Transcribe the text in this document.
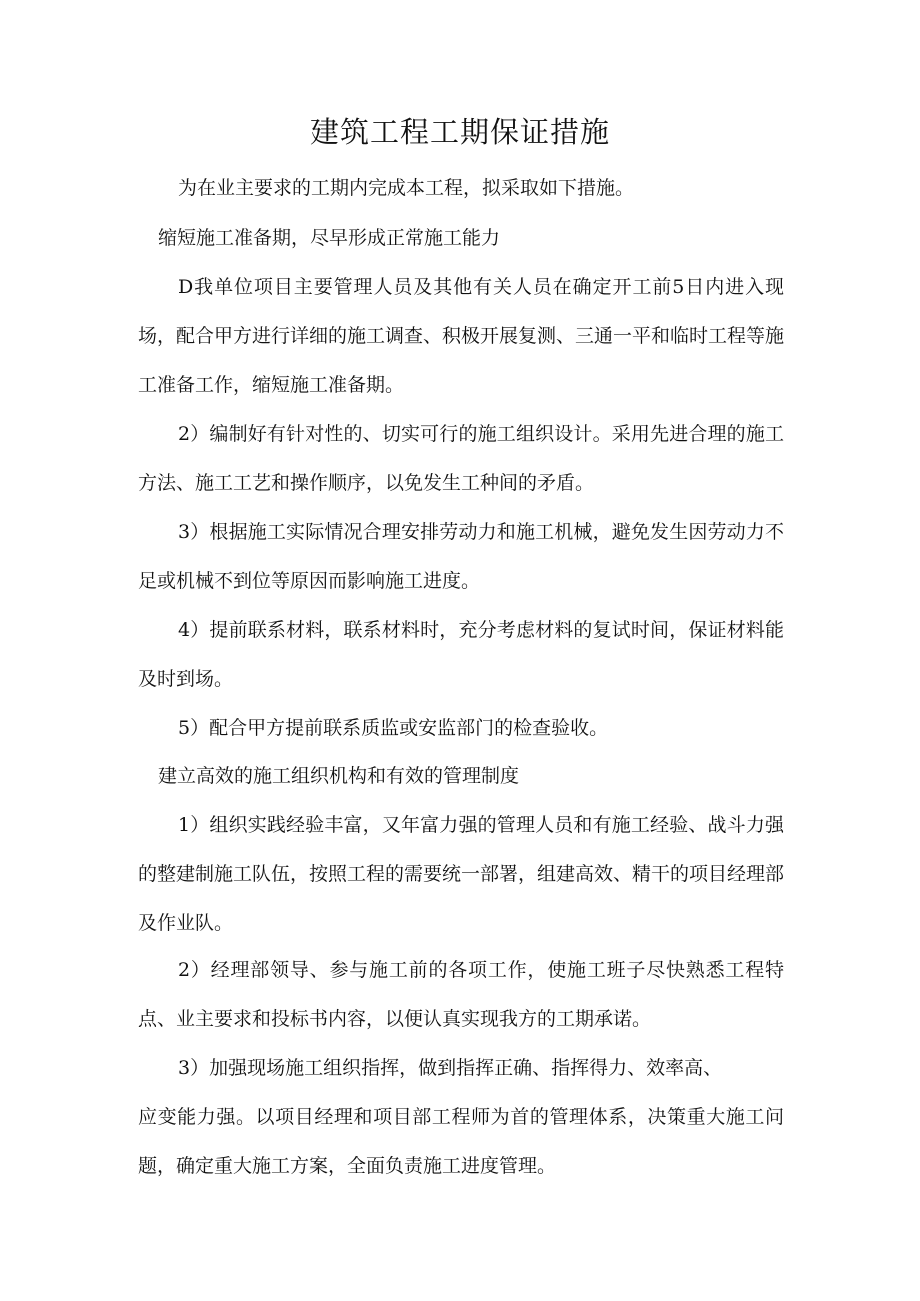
建筑工程工期保证措施

为在业主要求的工期内完成本工程，拟采取如下措施。

缩短施工准备期，尽早形成正常施工能力

D我单位项目主要管理人员及其他有关人员在确定开工前5日内进入现场，配合甲方进行详细的施工调查、积极开展复测、三通一平和临时工程等施工准备工作，缩短施工准备期。

2）编制好有针对性的、切实可行的施工组织设计。采用先进合理的施工方法、施工工艺和操作顺序，以免发生工种间的矛盾。

3）根据施工实际情况合理安排劳动力和施工机械，避免发生因劳动力不足或机械不到位等原因而影响施工进度。

4）提前联系材料，联系材料时，充分考虑材料的复试时间，保证材料能及时到场。

5）配合甲方提前联系质监或安监部门的检查验收。

建立高效的施工组织机构和有效的管理制度

1）组织实践经验丰富，又年富力强的管理人员和有施工经验、战斗力强的整建制施工队伍，按照工程的需要统一部署，组建高效、精干的项目经理部及作业队。

2）经理部领导、参与施工前的各项工作，使施工班子尽快熟悉工程特点、业主要求和投标书内容，以便认真实现我方的工期承诺。

3）加强现场施工组织指挥，做到指挥正确、指挥得力、效率高、

应变能力强。以项目经理和项目部工程师为首的管理体系，决策重大施工问题，确定重大施工方案，全面负责施工进度管理。
